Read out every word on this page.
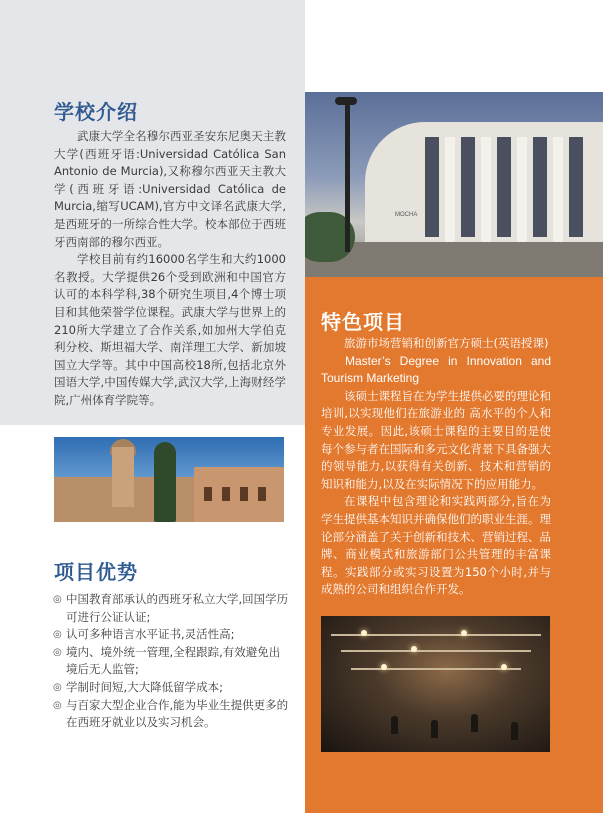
学校介绍

武康大学全名穆尔西亚圣安东尼奥天主教大学(西班牙语:Universidad Católica San Antonio de Murcia),又称穆尔西亚天主教大学(西班牙语:Universidad Católica de Murcia,缩写UCAM),官方中文译名武康大学,是西班牙的一所综合性大学。校本部位于西班牙西南部的穆尔西亚。

学校目前有约16000名学生和大约1000名教授。大学提供26个受到欧洲和中国官方认可的本科学科,38个研究生项目,4个博士项目和其他荣誉学位课程。武康大学与世界上的210所大学建立了合作关系,如加州大学伯克利分校、斯坦福大学、南洋理工大学、新加坡国立大学等。其中中国高校18所,包括北京外国语大学,中国传媒大学,武汉大学,上海财经学院,广州体育学院等。

MOCHA
项目优势
◎ 中国教育部承认的西班牙私立大学,回国学历可进行公证认证;
◎ 认可多种语言水平证书,灵活性高;
◎ 境内、境外统一管理,全程跟踪,有效避免出境后无人监管;
◎ 学制时间短,大大降低留学成本;
◎ 与百家大型企业合作,能为毕业生提供更多的在西班牙就业以及实习机会。
特色项目

旅游市场营销和创新官方硕士(英语授课)

Master’s Degree in Innovation and Tourism Marketing

该硕士课程旨在为学生提供必要的理论和培训,以实现他们在旅游业的 高水平的个人和专业发展。因此,该硕士课程的主要目的是使每个参与者在国际和多元文化背景下具备强大的领导能力,以获得有关创新、技术和营销的知识和能力,以及在实际情况下的应用能力。

在课程中包含理论和实践两部分,旨在为学生提供基本知识并确保他们的职业生涯。理论部分涵盖了关于创新和技术、营销过程、品牌、商业模式和旅游部门公共管理的丰富课程。实践部分或实习设置为150个小时,并与成熟的公司和组织合作开发。
